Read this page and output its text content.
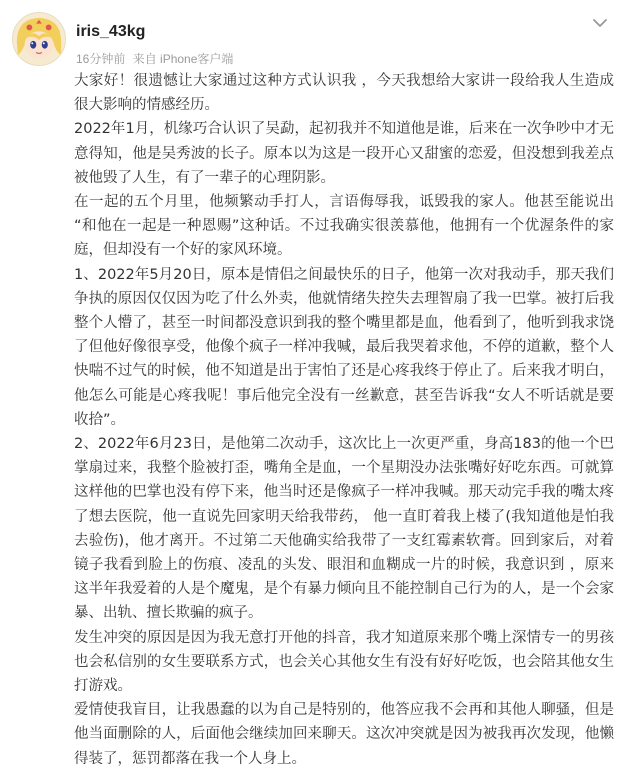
iris_43kg
16分钟前 来自 iPhone客户端

大家好！很遗憾让大家通过这种方式认识我 ，今天我想给大家讲一段给我人生造成很大影响的情感经历。

2022年1月，机缘巧合认识了吴勐，起初我并不知道他是谁，后来在一次争吵中才无意得知，他是吴秀波的长子。原本以为这是一段开心又甜蜜的恋爱，但没想到我差点被他毁了人生，有了一辈子的心理阴影。

在一起的五个月里，他频繁动手打人，言语侮辱我，诋毁我的家人。他甚至能说出 “和他在一起是一种恩赐”这种话。不过我确实很羡慕他，他拥有一个优渥条件的家庭，但却没有一个好的家风环境。

1、2022年5月20日，原本是情侣之间最快乐的日子，他第一次对我动手，那天我们争执的原因仅仅因为吃了什么外卖，他就情绪失控失去理智扇了我一巴掌。被打后我整个人懵了，甚至一时间都没意识到我的整个嘴里都是血，他看到了，他听到我求饶了但他好像很享受，他像个疯子一样冲我喊，最后我哭着求他，不停的道歉，整个人快喘不过气的时候，他不知道是出于害怕了还是心疼我终于停止了。后来我才明白，他怎么可能是心疼我呢！事后他完全没有一丝歉意，甚至告诉我“女人不听话就是要收拾”。

2、2022年6月23日，是他第二次动手，这次比上一次更严重，身高183的他一个巴掌扇过来，我整个脸被打歪，嘴角全是血，一个星期没办法张嘴好好吃东西。可就算这样他的巴掌也没有停下来，他当时还是像疯子一样冲我喊。那天动完手我的嘴太疼了想去医院，他一直说先回家明天给我带药， 他一直盯着我上楼了(我知道他是怕我去验伤)，他才离开。不过第二天他确实给我带了一支红霉素软膏。回到家后，对着镜子我看到脸上的伤痕、凌乱的头发、眼泪和血糊成一片的时候，我意识到 ，原来这半年我爱着的人是个魔鬼，是个有暴力倾向且不能控制自己行为的人，是一个会家暴、出轨、擅长欺骗的疯子。

发生冲突的原因是因为我无意打开他的抖音，我才知道原来那个嘴上深情专一的男孩也会私信别的女生要联系方式，也会关心其他女生有没有好好吃饭，也会陪其他女生打游戏。

爱情使我盲目，让我愚蠢的以为自己是特别的，他答应我不会再和其他人聊骚，但是他当面删除的人，后面他会继续加回来聊天。这次冲突就是因为被我再次发现，他懒得装了，惩罚都落在我一个人身上。
